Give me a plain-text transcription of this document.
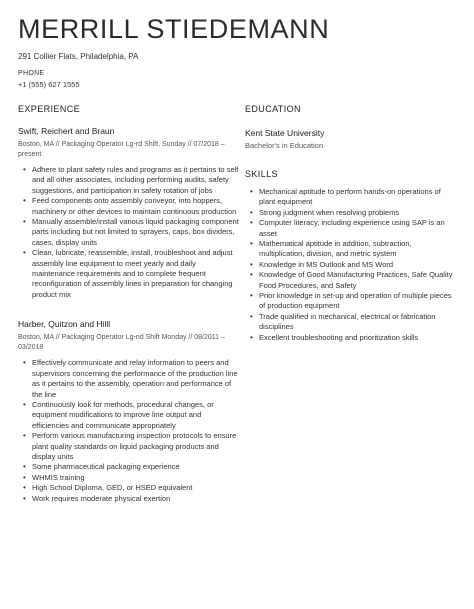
MERRILL STIEDEMANN
291 Collier Flats, Philadelphia, PA
PHONE
+1 (555) 627 1555
EXPERIENCE
Swift, Reichert and Braun
Boston, MA // Packaging Operator Lg-rd Shift, Sunday // 07/2018 – present
• Adhere to plant safety rules and programs as it pertains to self and all other associates, including performing audits, safety suggestions, and participation in safety rotation of jobs
• Feed components onto assembly conveyor, into hoppers, machinery or other devices to maintain continuous production
• Manually assemble/install various liquid packaging component parts including but not limited to sprayers, caps, box dividers, cases, display units
• Clean, lubricate, reassemble, install, troubleshoot and adjust assembly line equipment to meet yearly and daily maintenance requirements and to complete frequent reconfiguration of assembly lines in preparation for changing product mix
Harber, Quitzon and Hilll
Boston, MA // Packaging Operator Lg-nd Shift Monday // 08/2011 – 03/2018
• Effectively communicate and relay information to peers and supervisors concerning the performance of the production line as it pertains to the assembly, operation and performance of the line
• Continuously look for methods, procedural changes, or equipment modifications to improve line output and efficiencies and communicate appropriately
• Perform various manufacturing inspection protocols to ensure plant quality standards on liquid packaging products and display units
• Some pharmaceutical packaging experience
• WHMIS training
• High School Diploma, GED, or HSED equivalent
• Work requires moderate physical exertion
EDUCATION
Kent State University
Bachelor's in Education
SKILLS
• Mechanical aptitude to perform hands-on operations of plant equipment
• Strong judgment when resolving problems
• Computer literacy, including experience using SAP is an asset
• Mathematical aptitude in addition, subtraction, multiplication, division, and metric system
• Knowledge in MS Outlook and MS Word
• Knowledge of Good Manufacturing Practices, Safe Quality Food Procedures, and Safety
• Prior knowledge in set-up and operation of multiple pieces of production equipment
• Trade qualified in mechanical, electrical or fabrication disciplines
• Excellent troubleshooting and prioritization skills
